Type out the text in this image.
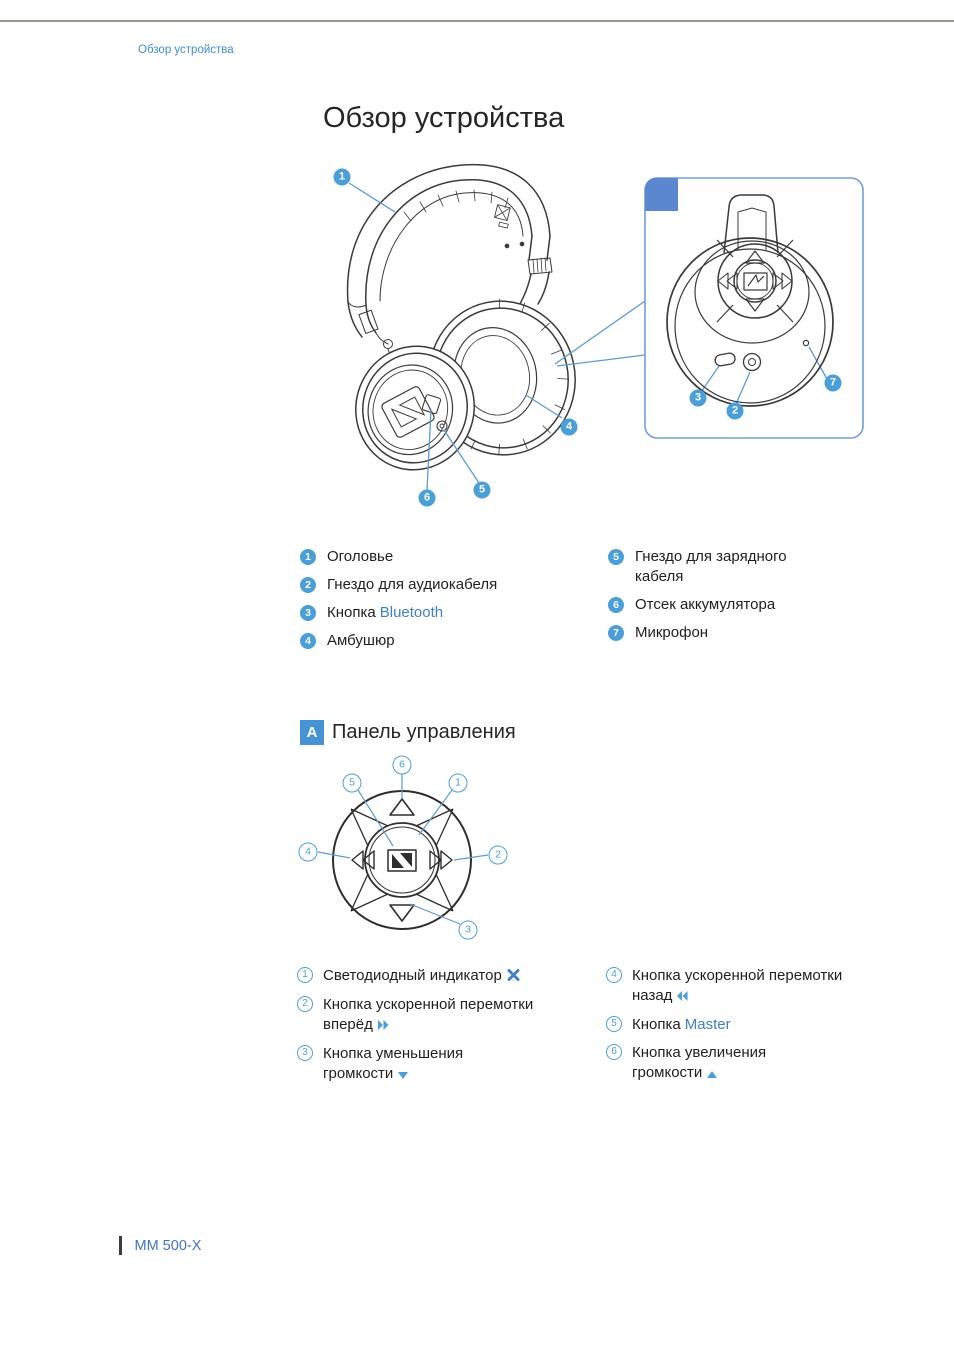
Обзор устройства
Обзор устройства
1
2
3
4
5
6
7
1	Оголовье
2	Гнездо для аудиокабеля
3	Кнопка Bluetooth
4	Амбушюр
5	Гнездо для зарядного
кабеля
6	Отсек аккумулятора
7	Микрофон
A Панель управления
1
2
3
4
5
6
1	Светодиодный индикатор
2	Кнопка ускоренной перемотки
вперёд
3	Кнопка уменьшения
громкости
4	Кнопка ускоренной перемотки
назад
5	Кнопка Master
6	Кнопка увеличения
громкости
MM 500-X
